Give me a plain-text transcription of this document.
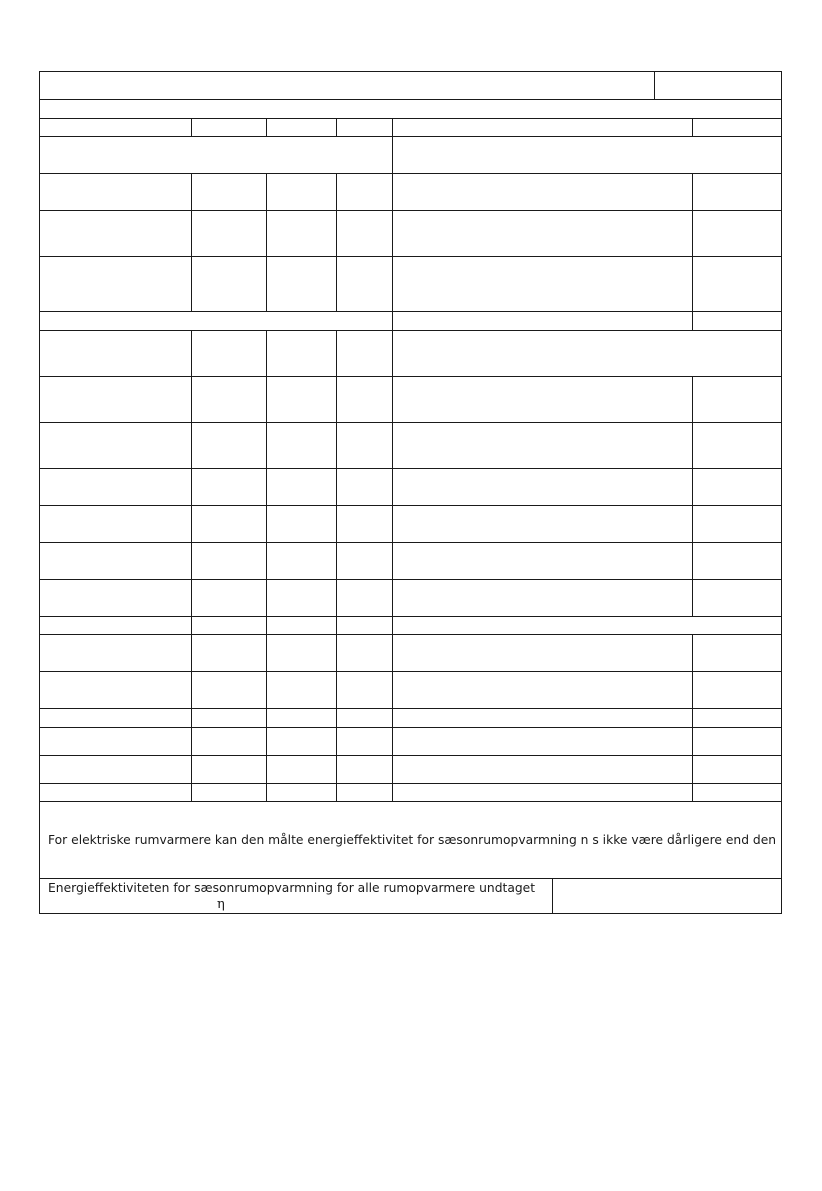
For elektriske rumvarmere kan den målte energieffektivitet for sæsonrumopvarmning n s ikke være dårligere end den
Energieffektiviteten for sæsonrumopvarmning for alle rumopvarmere undtaget
η
